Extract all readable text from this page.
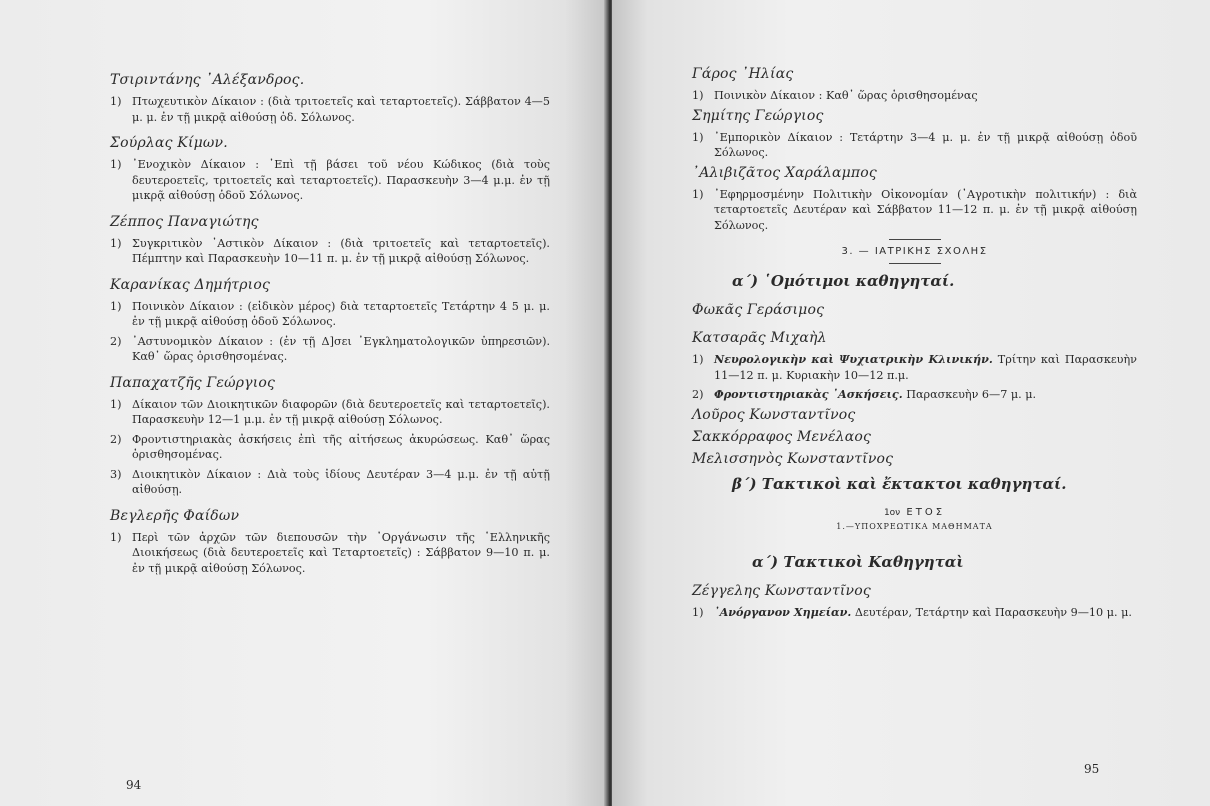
Τσιριντάνης ᾿Αλέξανδρος.
1) Πτωχευτικὸν Δίκαιον : (διὰ τριτοετεῖς καὶ τεταρτοετεῖς). Σάββατον 4—5 μ. μ. ἐν τῇ μικρᾷ αἰθούσῃ ὁδ. Σόλωνος.
Σούρλας Κίμων.
1) ᾿Ενοχικὸν Δίκαιον : ᾿Επὶ τῇ βάσει τοῦ νέου Κώδικος (διὰ τοὺς δευτεροετεῖς, τριτοετεῖς καὶ τεταρτοετεῖς). Παρασκευὴν 3—4 μ.μ. ἐν τῇ μικρᾷ αἰθούσῃ ὁδοῦ Σόλωνος.
Ζέππος Παναγιώτης
1) Συγκριτικὸν ᾿Αστικὸν Δίκαιον : (διὰ τριτοετεῖς καὶ τεταρτοετεῖς). Πέμπτην καὶ Παρασκευὴν 10—11 π. μ. ἐν τῇ μικρᾷ αἰθούσῃ Σόλωνος.
Καρανίκας Δημήτριος
1) Ποινικὸν Δίκαιον : (εἰδικὸν μέρος) διὰ τεταρτοετεῖς Τετάρτην 4 5 μ. μ. ἐν τῇ μικρᾷ αἰθούσῃ ὁδοῦ Σόλωνος.
2) ᾿Αστυνομικὸν Δίκαιον : (ἐν τῇ Δ]σει ᾿Εγκληματολογικῶν ὑπηρεσιῶν). Καθ᾿ ὥρας ὁρισθησομένας.
Παπαχατζῆς Γεώργιος
1) Δίκαιον τῶν Διοικητικῶν διαφορῶν (διὰ δευτεροετεῖς καὶ τεταρτοετεῖς). Παρασκευὴν 12—1 μ.μ. ἐν τῇ μικρᾷ αἰθούσῃ Σόλωνος.
2) Φροντιστηριακὰς ἀσκήσεις ἐπὶ τῆς αἰτήσεως ἀκυρώσεως. Καθ᾿ ὥρας ὁρισθησομένας.
3) Διοικητικὸν Δίκαιον : Διὰ τοὺς ἰδίους Δευτέραν 3—4 μ.μ. ἐν τῇ αὐτῇ αἰθούσῃ.
Βεγλερῆς Φαίδων
1) Περὶ τῶν ἀρχῶν τῶν διεπουσῶν τὴν ᾿Οργάνωσιν τῆς ῾Ελληνικῆς Διοικήσεως (διὰ δευτεροετεῖς καὶ Τεταρτοετεῖς) : Σάββατον 9—10 π. μ. ἐν τῇ μικρᾷ αἰθούσῃ Σόλωνος.
94
Γάρος ᾿Ηλίας
1) Ποινικὸν Δίκαιον : Καθ᾿ ὥρας ὁρισθησομένας
Σημίτης Γεώργιος
1) ᾿Εμπορικὸν Δίκαιον : Τετάρτην 3—4 μ. μ. ἐν τῇ μικρᾷ αἰθούσῃ ὁδοῦ Σόλωνος.
᾿Αλιβιζᾶτος Χαράλαμπος
1) ᾿Εφηρμοσμένην Πολιτικὴν Οἰκονομίαν (᾿Αγροτικὴν πολιτικήν) : διὰ τεταρτοετεῖς Δευτέραν καὶ Σάββατον 11—12 π. μ. ἐν τῇ μικρᾷ αἰθούσῃ Σόλωνος.
3. — ΙΑΤΡΙΚΗΣ ΣΧΟΛΗΣ
α΄) ῾Ομότιμοι καθηγηταί.
Φωκᾶς Γεράσιμος
Κατσαρᾶς Μιχαὴλ
1) Νευρολογικὴν καὶ Ψυχιατρικὴν Κλινικήν. Τρίτην καὶ Παρασκευὴν 11—12 π. μ. Κυριακὴν 10—12 π.μ.
2) Φροντιστηριακὰς ᾿Ασκήσεις. Παρασκευὴν 6—7 μ. μ.
Λοῦρος Κωνσταντῖνος
Σακκόρραφος Μενέλαος
Μελισσηνὸς Κωνσταντῖνος
β΄) Τακτικοὶ καὶ ἔκτακτοι καθηγηταί.
1ον ΕΤΟΣ
1.—ΥΠΟΧΡΕΩΤΙΚΑ ΜΑΘΗΜΑΤΑ
α΄) Τακτικοὶ Καθηγηταὶ
Ζέγγελης Κωνσταντῖνος
1) ᾿Ανόργανον Χημείαν. Δευτέραν, Τετάρτην καὶ Παρασκευὴν 9—10 μ. μ.
95
